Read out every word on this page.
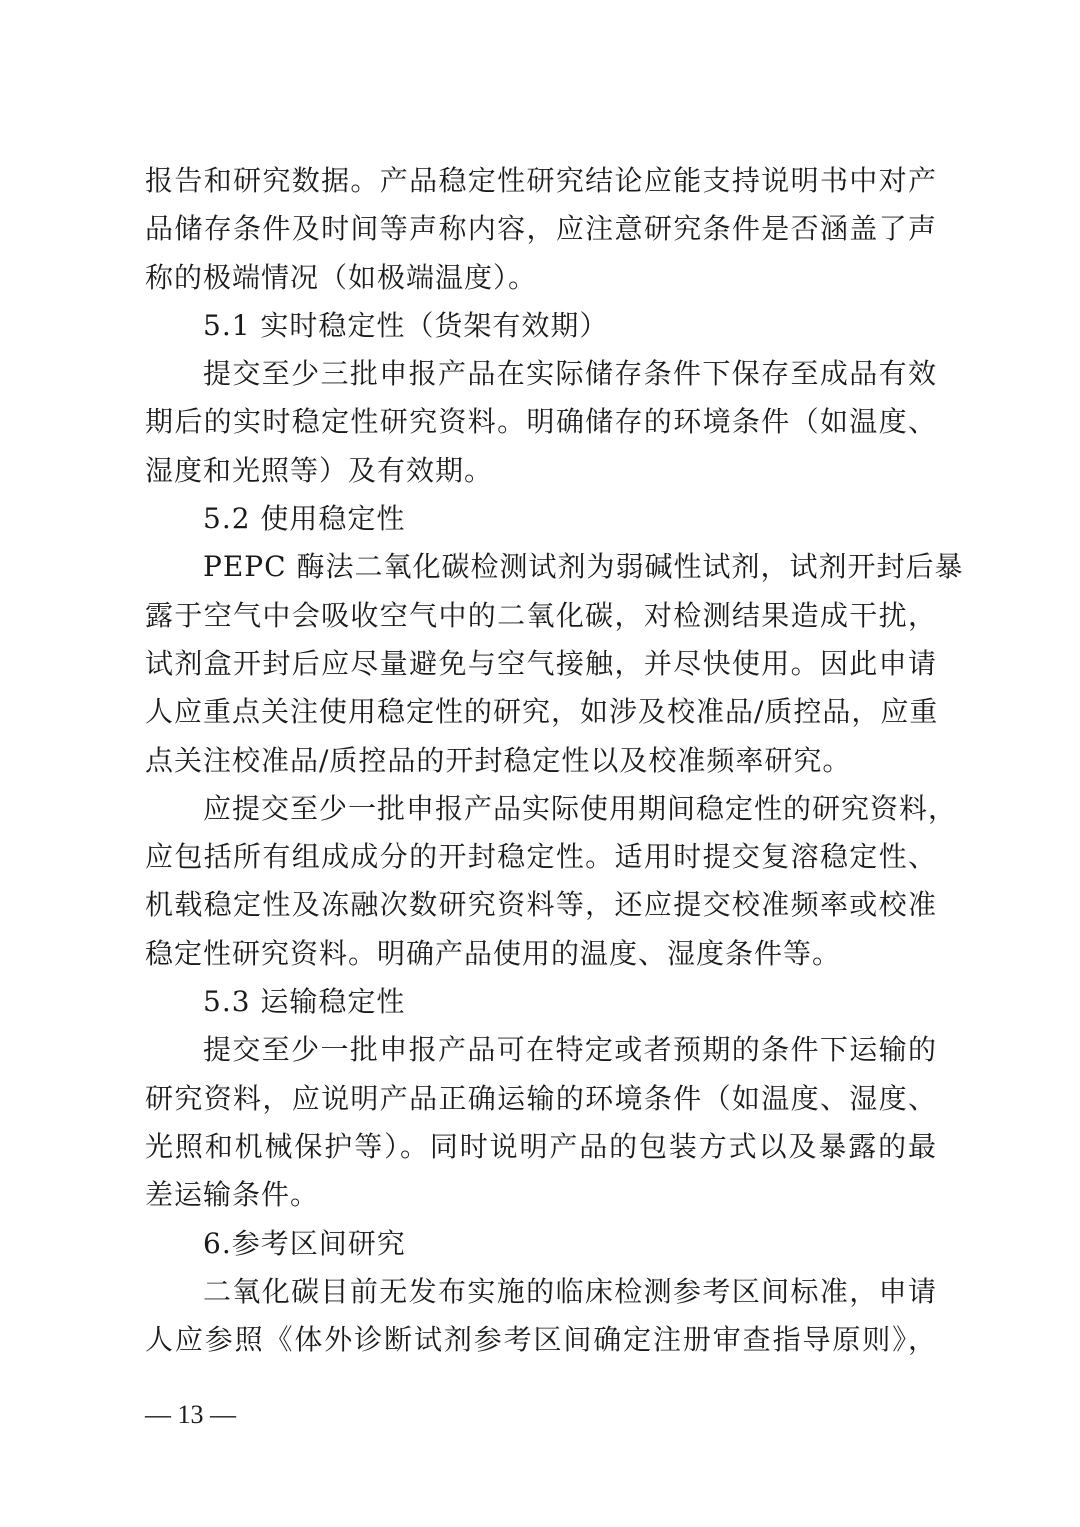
报告和研究数据。产品稳定性研究结论应能支持说明书中对产
品储存条件及时间等声称内容，应注意研究条件是否涵盖了声
称的极端情况（如极端温度）。
5.1 实时稳定性（货架有效期）
提交至少三批申报产品在实际储存条件下保存至成品有效
期后的实时稳定性研究资料。明确储存的环境条件（如温度、
湿度和光照等）及有效期。
5.2 使用稳定性
PEPC 酶法二氧化碳检测试剂为弱碱性试剂，试剂开封后暴
露于空气中会吸收空气中的二氧化碳，对检测结果造成干扰，
试剂盒开封后应尽量避免与空气接触，并尽快使用。因此申请
人应重点关注使用稳定性的研究，如涉及校准品/质控品，应重
点关注校准品/质控品的开封稳定性以及校准频率研究。
应提交至少一批申报产品实际使用期间稳定性的研究资料，
应包括所有组成成分的开封稳定性。适用时提交复溶稳定性、
机载稳定性及冻融次数研究资料等，还应提交校准频率或校准
稳定性研究资料。明确产品使用的温度、湿度条件等。
5.3 运输稳定性
提交至少一批申报产品可在特定或者预期的条件下运输的
研究资料，应说明产品正确运输的环境条件（如温度、湿度、
光照和机械保护等）。同时说明产品的包装方式以及暴露的最
差运输条件。
6.参考区间研究
二氧化碳目前无发布实施的临床检测参考区间标准，申请
人应参照《体外诊断试剂参考区间确定注册审查指导原则》，
— 13 —
